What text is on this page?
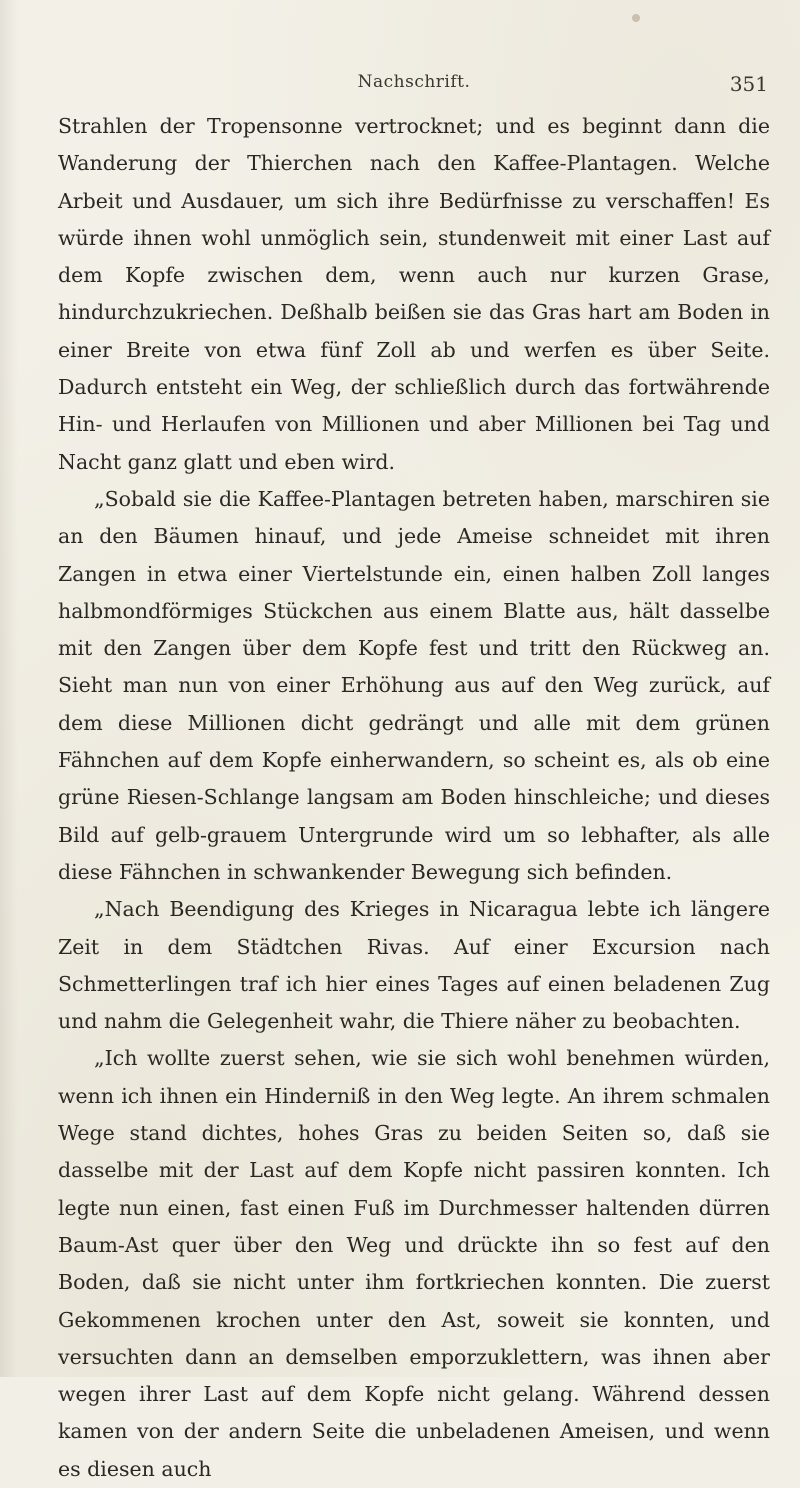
Nachschrift.	351

Strahlen der Tropensonne vertrocknet; und es beginnt dann die Wanderung der Thierchen nach den Kaffee-Plantagen. Welche Arbeit und Ausdauer, um sich ihre Bedürfnisse zu verschaffen! Es würde ihnen wohl unmöglich sein, stundenweit mit einer Last auf dem Kopfe zwischen dem, wenn auch nur kurzen Grase, hindurchzukriechen. Deßhalb beißen sie das Gras hart am Boden in einer Breite von etwa fünf Zoll ab und werfen es über Seite. Dadurch entsteht ein Weg, der schließlich durch das fortwährende Hin- und Herlaufen von Millionen und aber Millionen bei Tag und Nacht ganz glatt und eben wird.

„Sobald sie die Kaffee-Plantagen betreten haben, marschiren sie an den Bäumen hinauf, und jede Ameise schneidet mit ihren Zangen in etwa einer Viertelstunde ein, einen halben Zoll langes halbmondförmiges Stückchen aus einem Blatte aus, hält dasselbe mit den Zangen über dem Kopfe fest und tritt den Rückweg an. Sieht man nun von einer Erhöhung aus auf den Weg zurück, auf dem diese Millionen dicht gedrängt und alle mit dem grünen Fähnchen auf dem Kopfe einherwandern, so scheint es, als ob eine grüne Riesen-Schlange langsam am Boden hinschleiche; und dieses Bild auf gelb-grauem Untergrunde wird um so lebhafter, als alle diese Fähnchen in schwankender Bewegung sich befinden.

„Nach Beendigung des Krieges in Nicaragua lebte ich längere Zeit in dem Städtchen Rivas. Auf einer Excursion nach Schmetterlingen traf ich hier eines Tages auf einen beladenen Zug und nahm die Gelegenheit wahr, die Thiere näher zu beobachten.

„Ich wollte zuerst sehen, wie sie sich wohl benehmen würden, wenn ich ihnen ein Hinderniß in den Weg legte. An ihrem schmalen Wege stand dichtes, hohes Gras zu beiden Seiten so, daß sie dasselbe mit der Last auf dem Kopfe nicht passiren konnten. Ich legte nun einen, fast einen Fuß im Durchmesser haltenden dürren Baum-Ast quer über den Weg und drückte ihn so fest auf den Boden, daß sie nicht unter ihm fortkriechen konnten. Die zuerst Gekommenen krochen unter den Ast, soweit sie konnten, und versuchten dann an demselben emporzuklettern, was ihnen aber wegen ihrer Last auf dem Kopfe nicht gelang. Während dessen kamen von der andern Seite die unbeladenen Ameisen, und wenn es diesen auch
